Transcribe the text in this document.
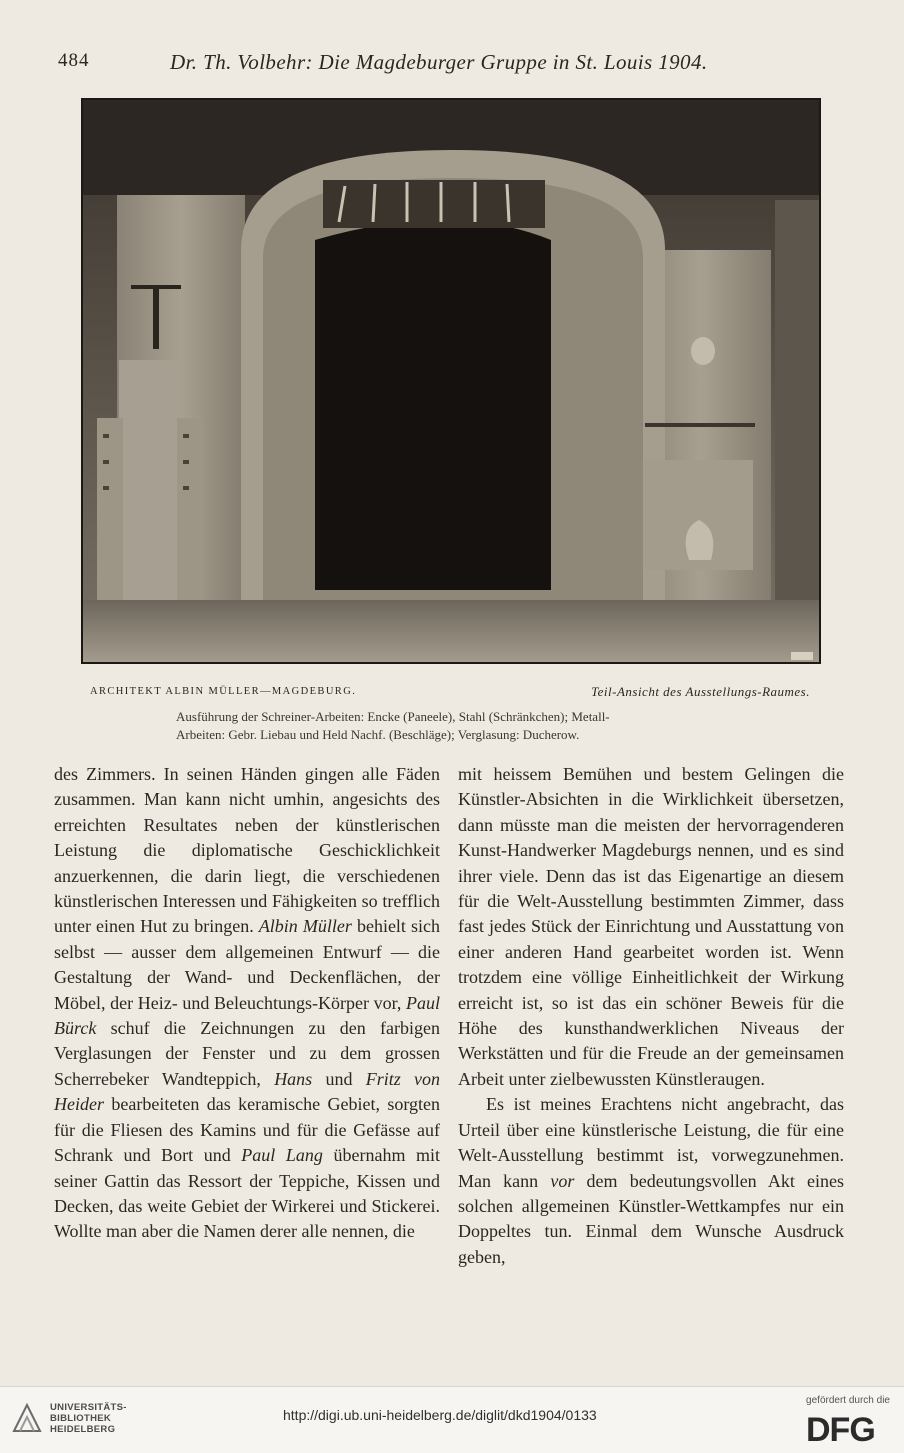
484	Dr. Th. Volbehr: Die Magdeburger Gruppe in St. Louis 1904.
ARCHITEKT ALBIN MÜLLER—MAGDEBURG.	Teil-Ansicht des Ausstellungs-Raumes.
Ausführung der Schreiner-Arbeiten: Encke (Paneele), Stahl (Schränkchen); Metall-
Arbeiten: Gebr. Liebau und Held Nachf. (Beschläge); Verglasung: Ducherow.

des Zimmers. In seinen Händen gingen alle Fäden zusammen. Man kann nicht umhin, angesichts des erreichten Resultates neben der künstlerischen Leistung die diplomatische Geschicklichkeit anzuerkennen, die darin liegt, die verschiedenen künstlerischen Interessen und Fähigkeiten so trefflich unter einen Hut zu bringen. Albin Müller behielt sich selbst — ausser dem allgemeinen Entwurf — die Gestaltung der Wand- und Deckenflächen, der Möbel, der Heiz- und Beleuchtungs-Körper vor, Paul Bürck schuf die Zeichnungen zu den farbigen Verglasungen der Fenster und zu dem grossen Scherrebeker Wandteppich, Hans und Fritz von Heider bearbeiteten das keramische Gebiet, sorgten für die Fliesen des Kamins und für die Gefässe auf Schrank und Bort und Paul Lang übernahm mit seiner Gattin das Ressort der Teppiche, Kissen und Decken, das weite Gebiet der Wirkerei und Stickerei. Wollte man aber die Namen derer alle nennen, die

mit heissem Bemühen und bestem Gelingen die Künstler-Absichten in die Wirklichkeit übersetzen, dann müsste man die meisten der hervorragenderen Kunst-Handwerker Magdeburgs nennen, und es sind ihrer viele. Denn das ist das Eigenartige an diesem für die Welt-Ausstellung bestimmten Zimmer, dass fast jedes Stück der Einrichtung und Ausstattung von einer anderen Hand gearbeitet worden ist. Wenn trotzdem eine völlige Einheitlichkeit der Wirkung erreicht ist, so ist das ein schöner Beweis für die Höhe des kunsthandwerklichen Niveaus der Werkstätten und für die Freude an der gemeinsamen Arbeit unter zielbewussten Künstleraugen.

Es ist meines Erachtens nicht angebracht, das Urteil über eine künstlerische Leistung, die für eine Welt-Ausstellung bestimmt ist, vorwegzunehmen. Man kann vor dem bedeutungsvollen Akt eines solchen allgemeinen Künstler-Wettkampfes nur ein Doppeltes tun. Einmal dem Wunsche Ausdruck geben,

UNIVERSITÄTS-
BIBLIOTHEK
HEIDELBERG
http://digi.ub.uni-heidelberg.de/diglit/dkd1904/0133
gefördert durch die
DFG
